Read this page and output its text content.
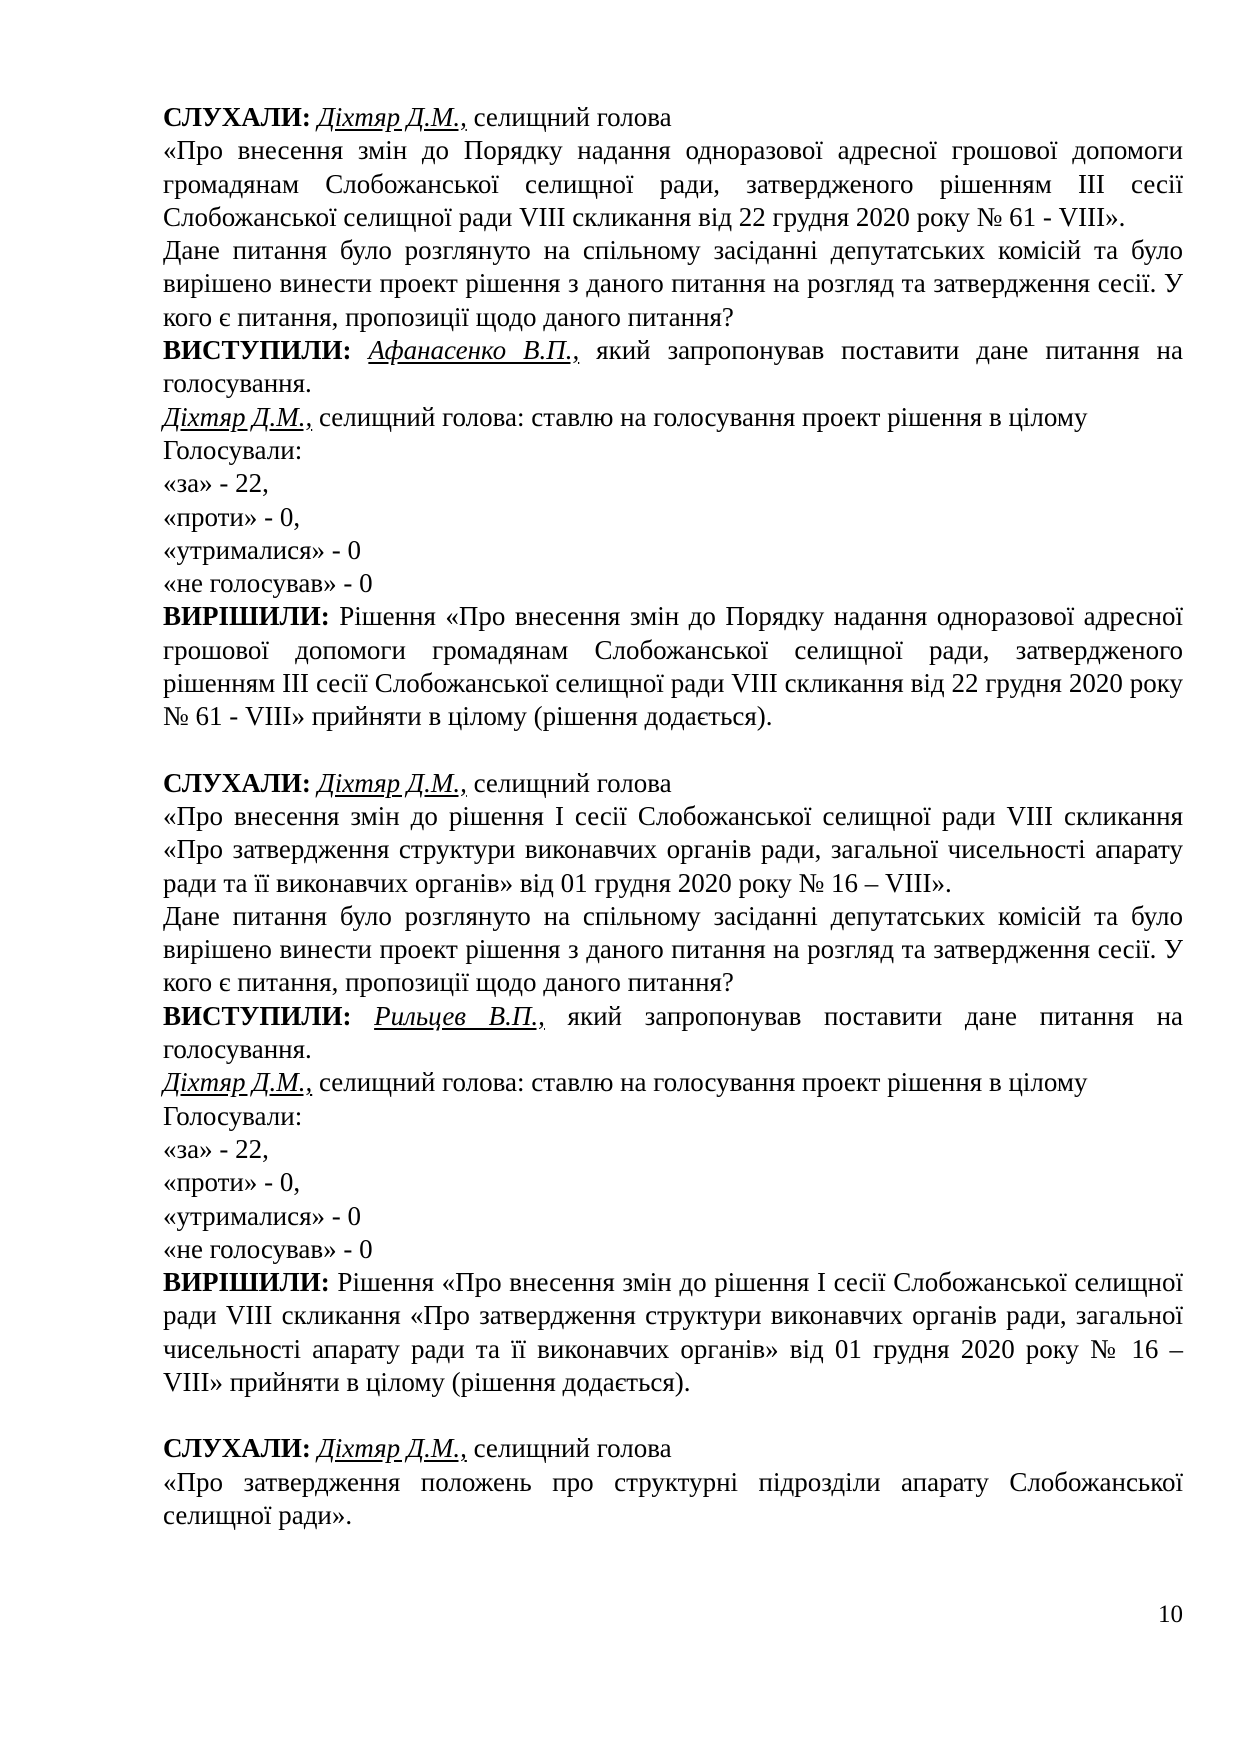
СЛУХАЛИ: Діхтяр Д.М., селищний голова

«Про внесення змін до Порядку надання одноразової адресної грошової допомоги громадянам Слобожанської селищної ради, затвердженого рішенням ІІІ сесії Слобожанської селищної ради VIII скликання від 22 грудня 2020 року № 61 - VIII».

Дане питання було розглянуто на спільному засіданні депутатських комісій та було вирішено винести проект рішення з даного питання на розгляд та затвердження сесії. У кого є питання, пропозиції щодо даного питання?

ВИСТУПИЛИ: Афанасенко В.П., який запропонував поставити дане питання на голосування.

Діхтяр Д.М., селищний голова: ставлю на голосування проект рішення в цілому

Голосували:

«за» - 22,

«проти» - 0,

«утрималися» - 0

«не голосував» - 0

ВИРІШИЛИ: Рішення «Про внесення змін до Порядку надання одноразової адресної грошової допомоги громадянам Слобожанської селищної ради, затвердженого рішенням ІІІ сесії Слобожанської селищної ради VIII скликання від 22 грудня 2020 року № 61 - VIII» прийняти в цілому (рішення додається).

СЛУХАЛИ: Діхтяр Д.М., селищний голова

«Про внесення змін до рішення І сесії Слобожанської селищної ради VIII скликання «Про затвердження структури виконавчих органів ради, загальної чисельності апарату ради та її виконавчих органів» від 01 грудня 2020 року № 16 – VIII».

Дане питання було розглянуто на спільному засіданні депутатських комісій та було вирішено винести проект рішення з даного питання на розгляд та затвердження сесії. У кого є питання, пропозиції щодо даного питання?

ВИСТУПИЛИ: Рильцев В.П., який запропонував поставити дане питання на голосування.

Діхтяр Д.М., селищний голова: ставлю на голосування проект рішення в цілому

Голосували:

«за» - 22,

«проти» - 0,

«утрималися» - 0

«не голосував» - 0

ВИРІШИЛИ: Рішення «Про внесення змін до рішення І сесії Слобожанської селищної ради VIII скликання «Про затвердження структури виконавчих органів ради, загальної чисельності апарату ради та її виконавчих органів» від 01 грудня 2020 року № 16 – VIII» прийняти в цілому (рішення додається).

СЛУХАЛИ: Діхтяр Д.М., селищний голова

«Про затвердження положень про структурні підрозділи апарату Слобожанської селищної ради».

10
